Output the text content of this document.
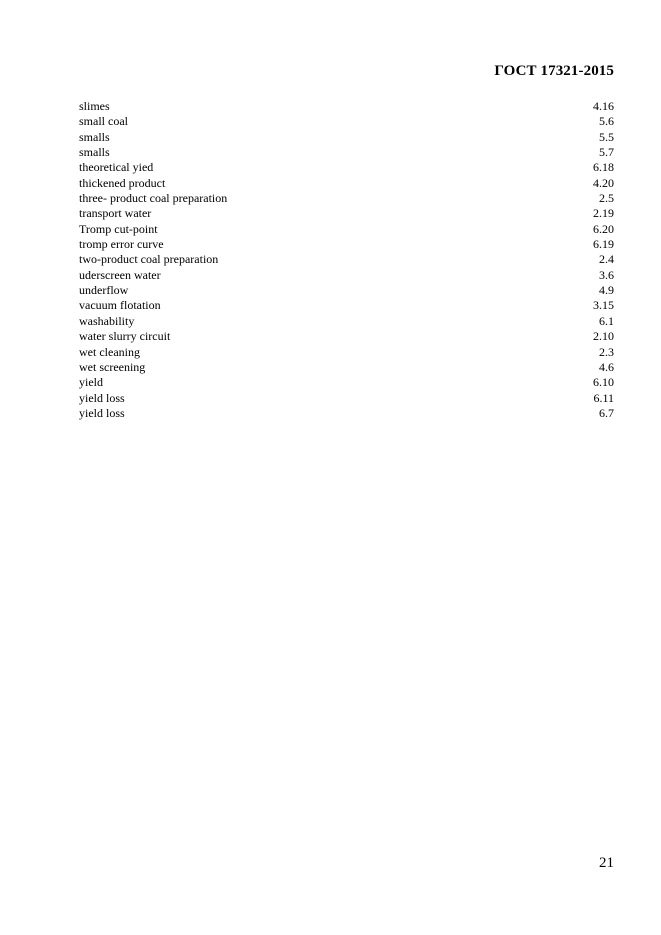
ГОСТ 17321-2015
slimes	4.16
small coal	5.6
smalls	5.5
smalls	5.7
theoretical yied	6.18
thickened product	4.20
three- product coal preparation	2.5
transport water	2.19
Tromp cut-point	6.20
tromp error curve	6.19
two-product coal preparation	2.4
uderscreen water	3.6
underflow	4.9
vacuum flotation	3.15
washability	6.1
water slurry circuit	2.10
wet cleaning	2.3
wet screening	4.6
yield	6.10
yield loss	6.11
yield loss	6.7
21
